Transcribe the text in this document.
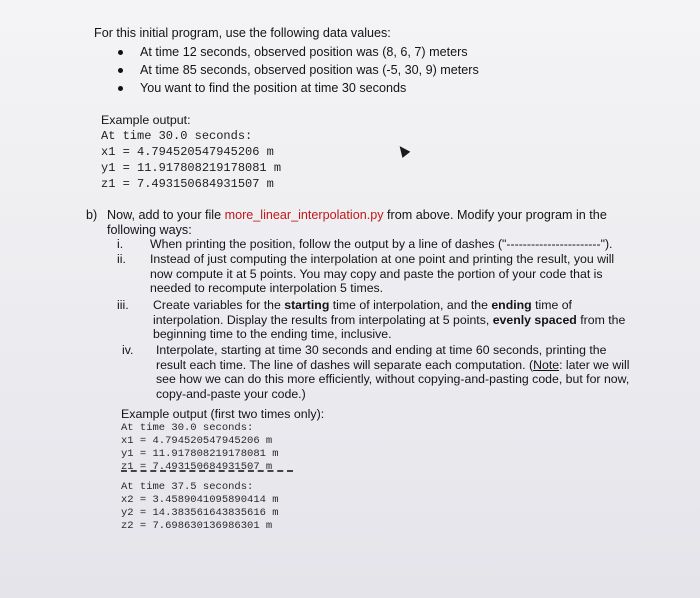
For this initial program, use the following data values:
At time 12 seconds, observed position was (8, 6, 7) meters
At time 85 seconds, observed position was (-5, 30, 9) meters
You want to find the position at time 30 seconds
Example output:
At time 30.0 seconds:
x1 = 4.794520547945206 m
y1 = 11.917808219178081 m
z1 = 7.493150684931507 m
b) Now, add to your file more_linear_interpolation.py from above. Modify your program in the
following ways:
i. When printing the position, follow the output by a line of dashes ("-----------------------").
ii. Instead of just computing the interpolation at one point and printing the result, you will
now compute it at 5 points. You may copy and paste the portion of your code that is
needed to recompute interpolation 5 times.
iii. Create variables for the starting time of interpolation, and the ending time of
interpolation. Display the results from interpolating at 5 points, evenly spaced from the
beginning time to the ending time, inclusive.
iv. Interpolate, starting at time 30 seconds and ending at time 60 seconds, printing the
result each time. The line of dashes will separate each computation. (Note: later we will
see how we can do this more efficiently, without copying-and-pasting code, but for now,
copy-and-paste your code.)
Example output (first two times only):
At time 30.0 seconds:
x1 = 4.794520547945206 m
y1 = 11.917808219178081 m
z1 = 7.493150684931507 m
At time 37.5 seconds:
x2 = 3.4589041095890414 m
y2 = 14.383561643835616 m
z2 = 7.698630136986301 m
